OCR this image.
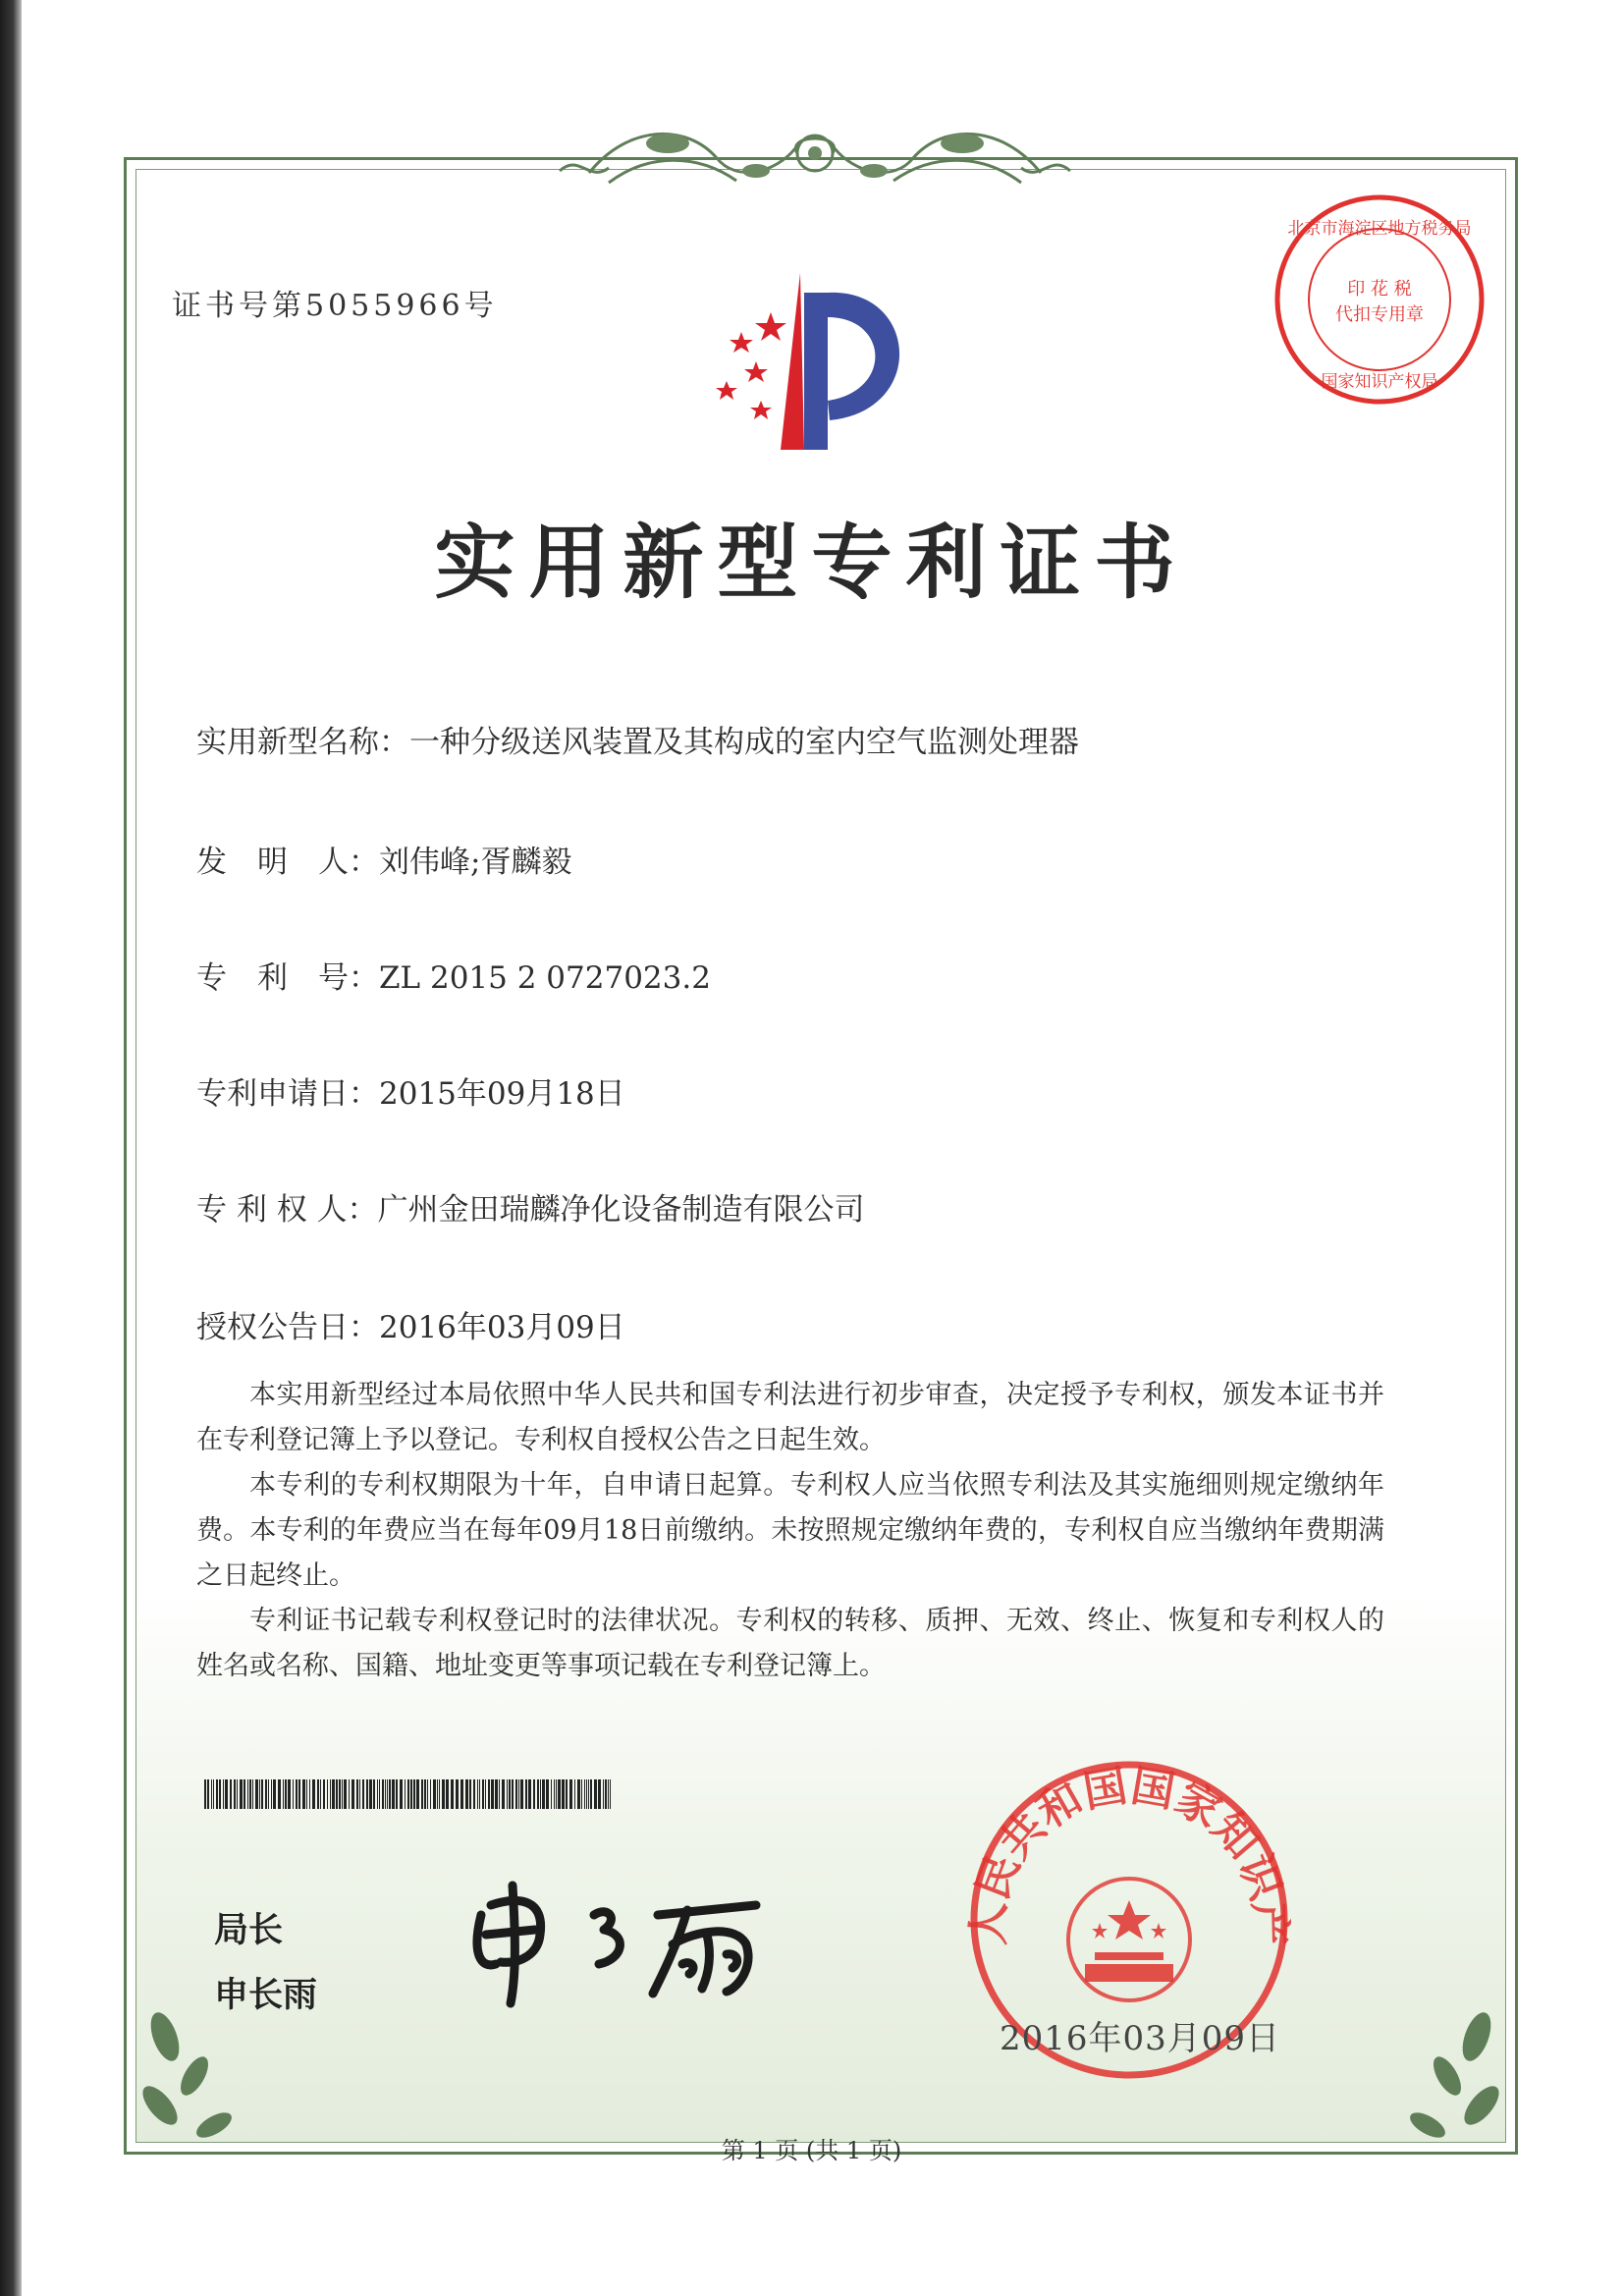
证书号第5055966号
北京市海淀区地方税务局
印 花 税
代扣专用章
国家知识产权局
实用新型专利证书
实用新型名称：一种分级送风装置及其构成的室内空气监测处理器
发　明　人：刘伟峰;胥麟毅
专　利　号：ZL 2015 2 0727023.2
专利申请日：2015年09月18日
专 利 权 人：广州金田瑞麟净化设备制造有限公司
授权公告日：2016年03月09日

本实用新型经过本局依照中华人民共和国专利法进行初步审查，决定授予专利权，颁发本证书并在专利登记簿上予以登记。专利权自授权公告之日起生效。

本专利的专利权期限为十年，自申请日起算。专利权人应当依照专利法及其实施细则规定缴纳年费。本专利的年费应当在每年09月18日前缴纳。未按照规定缴纳年费的，专利权自应当缴纳年费期满之日起终止。

专利证书记载专利权登记时的法律状况。专利权的转移、质押、无效、终止、恢复和专利权人的姓名或名称、国籍、地址变更等事项记载在专利登记簿上。

局长
申长雨
人民共和国国家知识产
2016年03月09日
第 1 页 (共 1 页)
